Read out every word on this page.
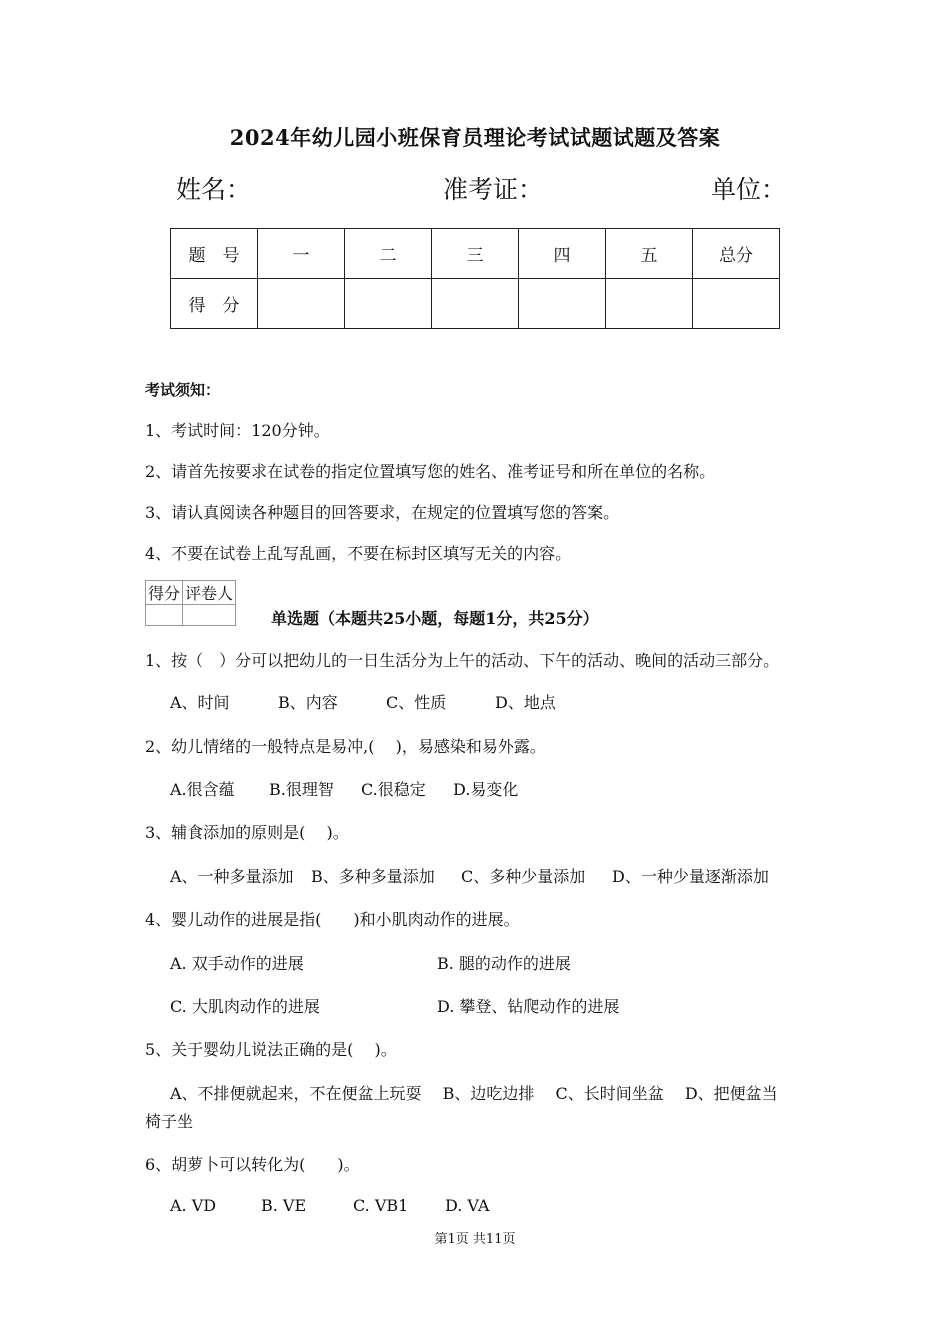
2024年幼儿园小班保育员理论考试试题试题及答案
姓名：	准考证：	单位：
题　号	一	二	三	四	五	总分
得　分						
考试须知：
1、考试时间：120分钟。
2、请首先按要求在试卷的指定位置填写您的姓名、准考证号和所在单位的名称。
3、请认真阅读各种题目的回答要求，在规定的位置填写您的答案。
4、不要在试卷上乱写乱画，不要在标封区填写无关的内容。
得分	评卷人

单选题（本题共25小题，每题1分，共25分）
1、按（　）分可以把幼儿的一日生活分为上午的活动、下午的活动、晚间的活动三部分。
A、时间	B、内容	C、性质	D、地点
2、幼儿情绪的一般特点是易冲,(　 )，易感染和易外露。
A.很含蕴 B.很理智 C.很稳定 D.易变化
3、辅食添加的原则是(　 )。
A、一种多量添加 B、多种多量添加 C、多种少量添加 D、一种少量逐渐添加
4、婴儿动作的进展是指(　　)和小肌肉动作的进展。
A. 双手动作的进展	B. 腿的动作的进展
C. 大肌肉动作的进展	D. 攀登、钻爬动作的进展
5、关于婴幼儿说法正确的是(　 )。
A、不排便就起来，不在便盆上玩耍　 B、边吃边排　 C、长时间坐盆　 D、把便盆当
椅子坐
6、胡萝卜可以转化为(　　)。
A. VD	B. VE	C. VB1 D. VA
第1页 共11页
